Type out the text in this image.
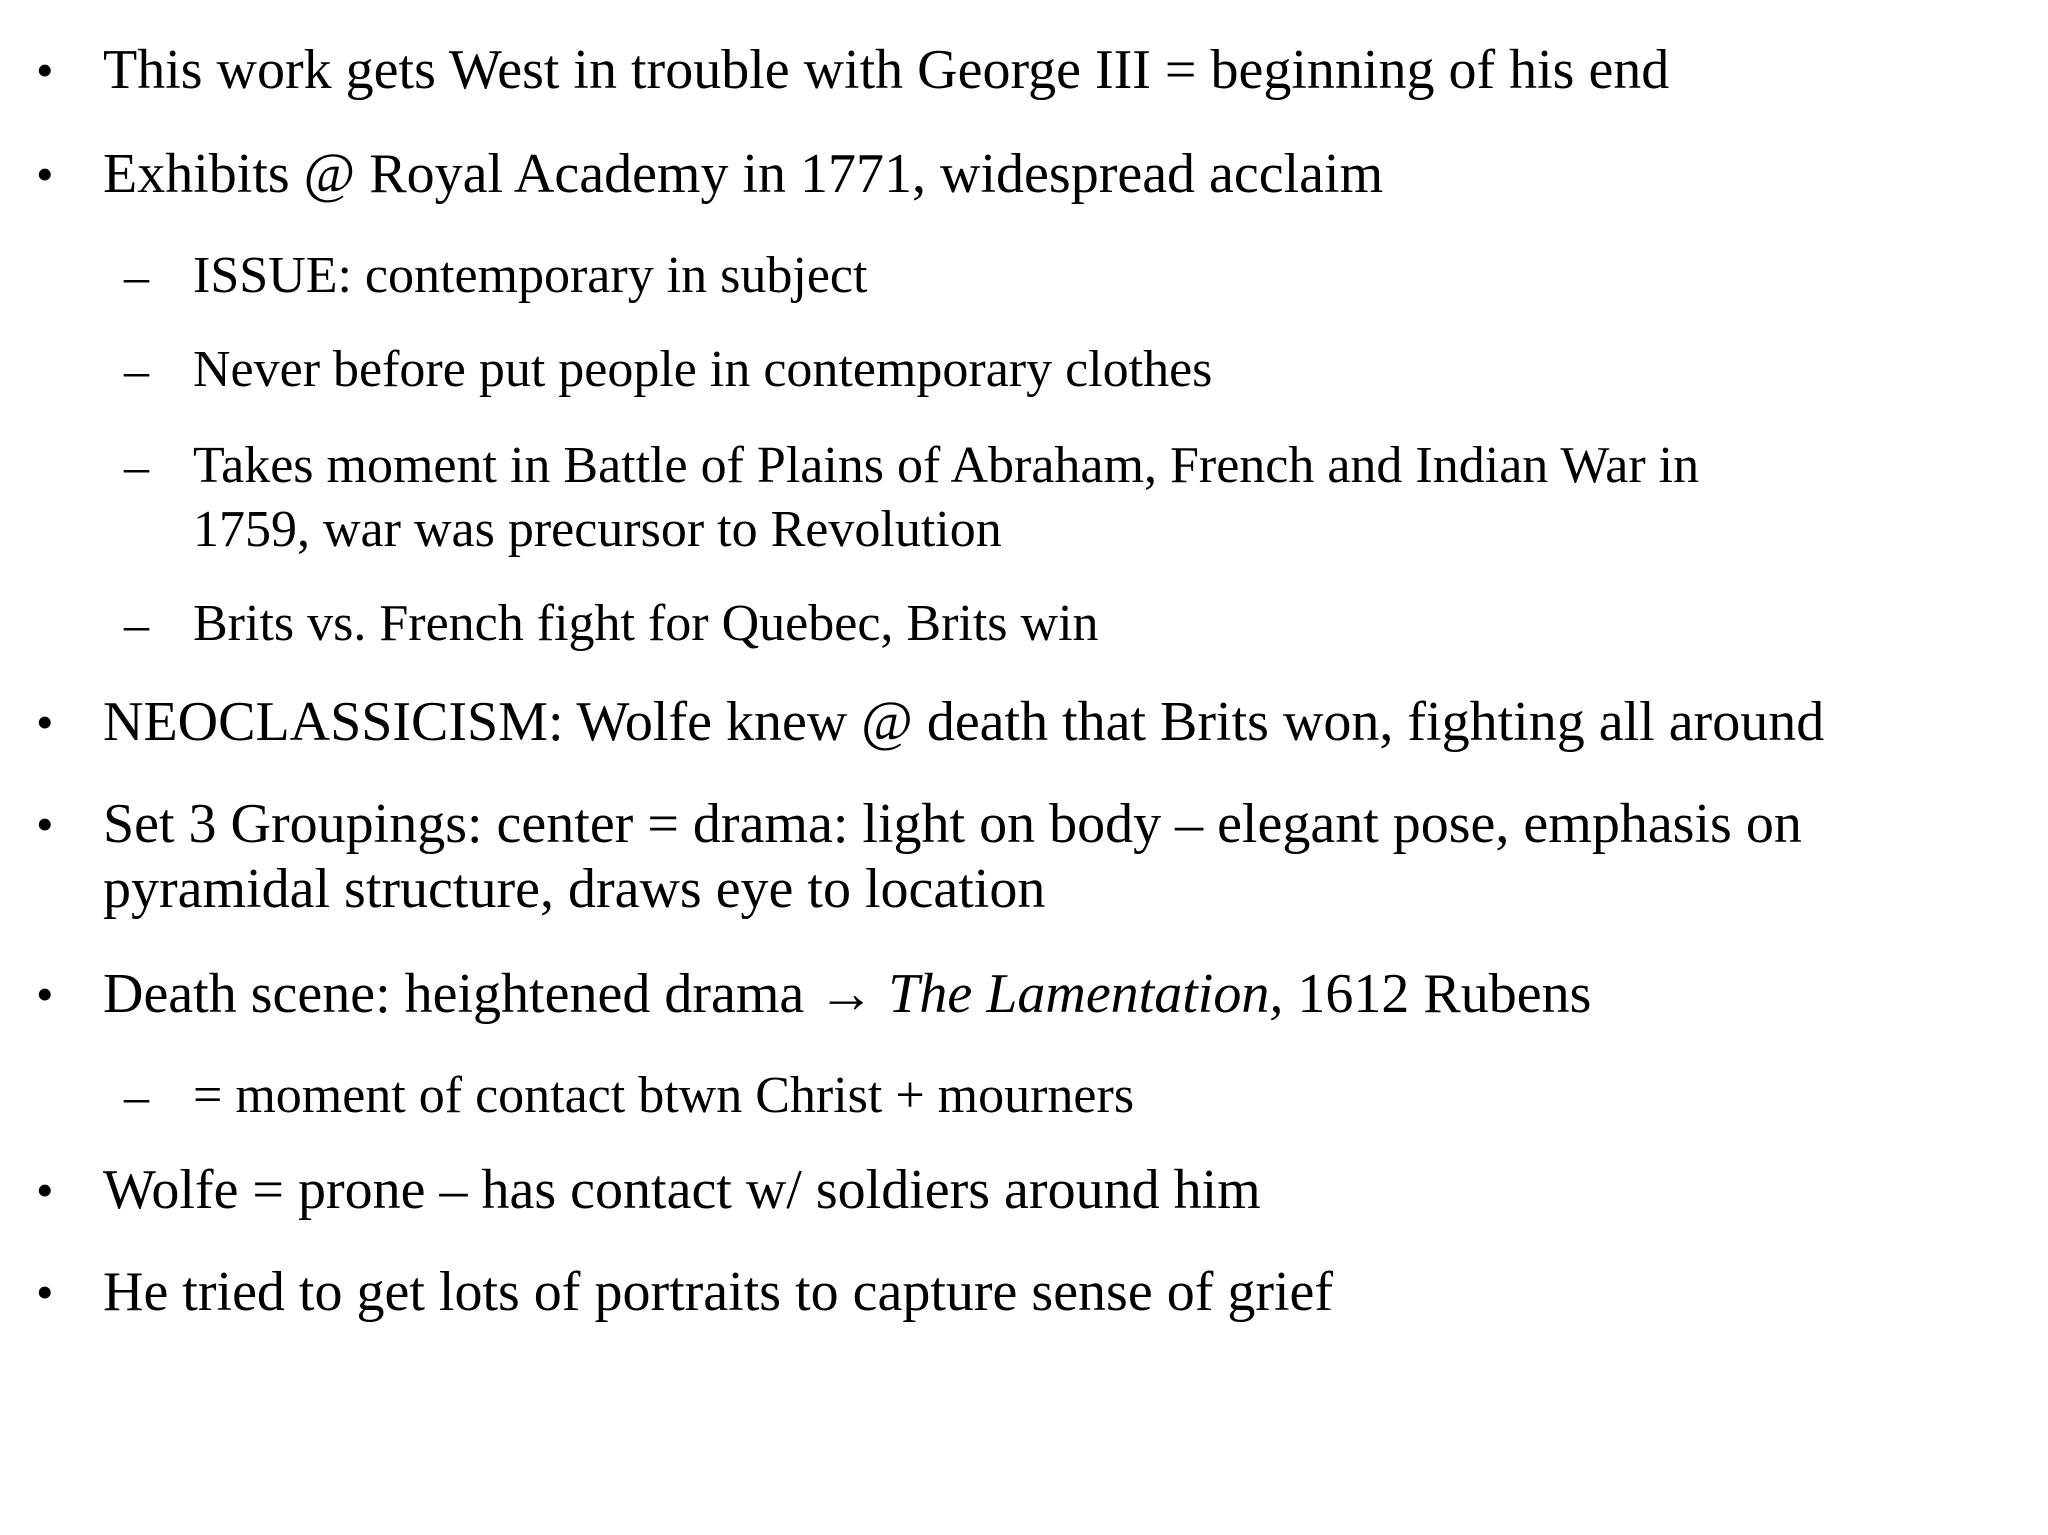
• This work gets West in trouble with George III = beginning of his end
• Exhibits @ Royal Academy in 1771, widespread acclaim
– ISSUE: contemporary in subject
– Never before put people in contemporary clothes
– Takes moment in Battle of Plains of Abraham, French and Indian War in
1759, war was precursor to Revolution
– Brits vs. French fight for Quebec, Brits win
• NEOCLASSICISM: Wolfe knew @ death that Brits won, fighting all around
• Set 3 Groupings: center = drama: light on body – elegant pose, emphasis on
pyramidal structure, draws eye to location
• Death scene: heightened drama → The Lamentation, 1612 Rubens
– = moment of contact btwn Christ + mourners
• Wolfe = prone – has contact w/ soldiers around him
• He tried to get lots of portraits to capture sense of grief
